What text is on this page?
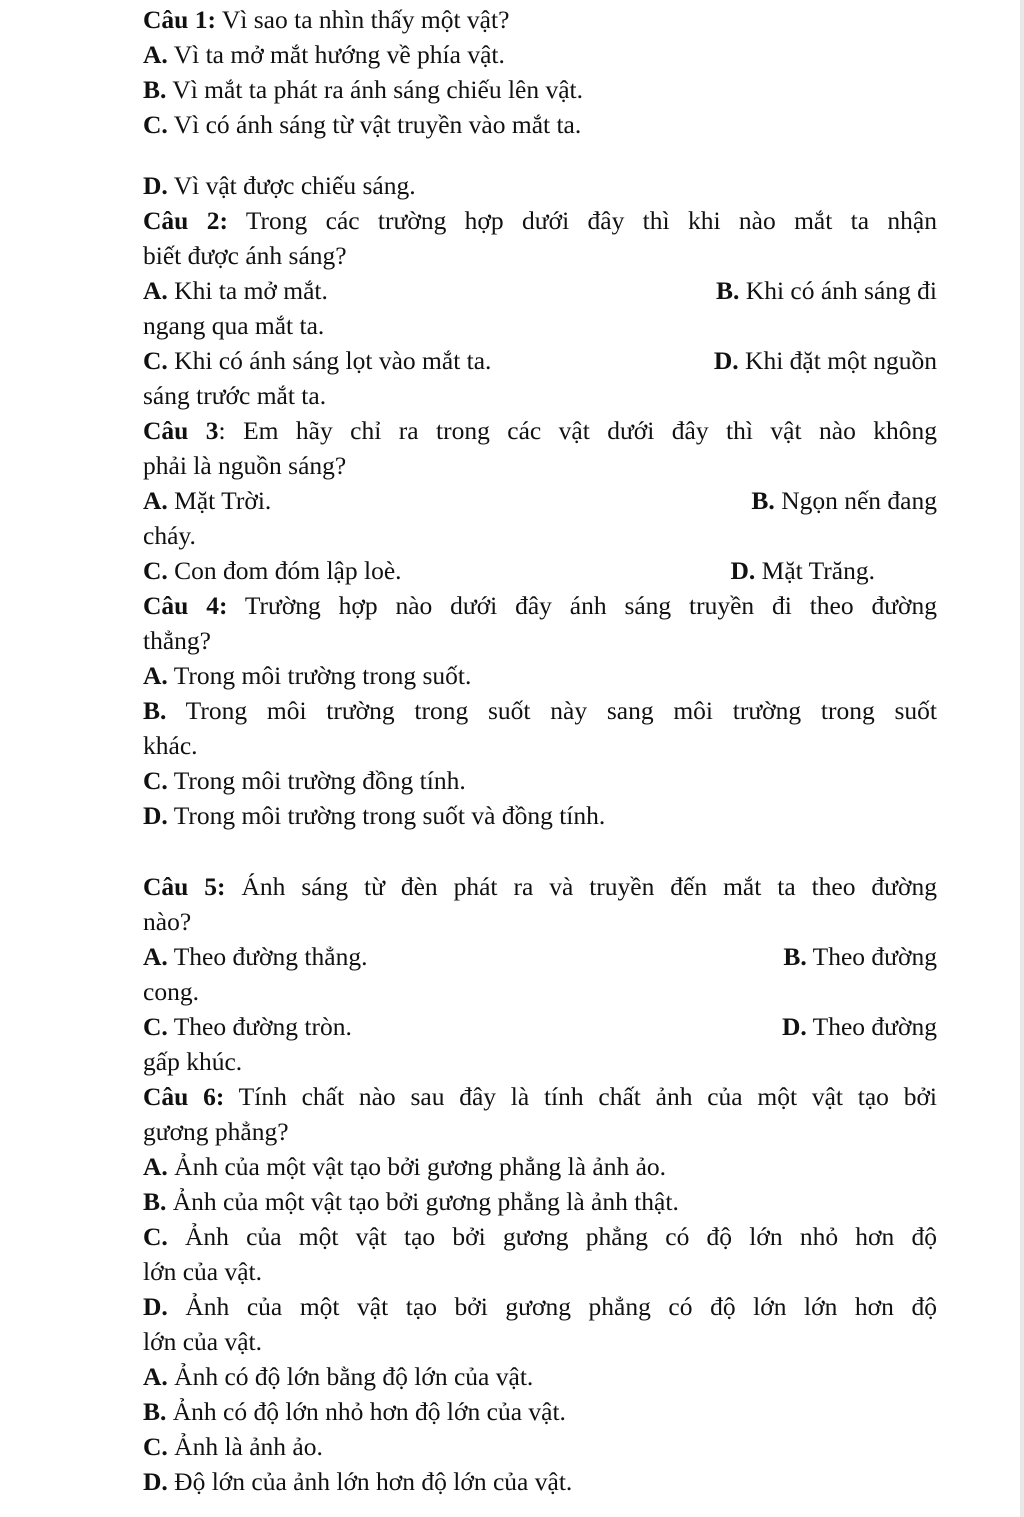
Câu 1: Vì sao ta nhìn thấy một vật?
A. Vì ta mở mắt hướng về phía vật.
B. Vì mắt ta phát ra ánh sáng chiếu lên vật.
C. Vì có ánh sáng từ vật truyền vào mắt ta.
D. Vì vật được chiếu sáng.
Câu 2: Trong các trường hợp dưới đây thì khi nào mắt ta nhận
biết được ánh sáng?
A. Khi ta mở mắt.	B. Khi có ánh sáng đi
ngang qua mắt ta.
C. Khi có ánh sáng lọt vào mắt ta.	D. Khi đặt một nguồn
sáng trước mắt ta.
Câu 3: Em hãy chỉ ra trong các vật dưới đây thì vật nào không
phải là nguồn sáng?
A. Mặt Trời.	B. Ngọn nến đang
cháy.
C. Con đom đóm lập loè.	D. Mặt Trăng.
Câu 4: Trường hợp nào dưới đây ánh sáng truyền đi theo đường
thẳng?
A. Trong môi trường trong suốt.
B. Trong môi trường trong suốt này sang môi trường trong suốt
khác.
C. Trong môi trường đồng tính.
D. Trong môi trường trong suốt và đồng tính.
Câu 5: Ánh sáng từ đèn phát ra và truyền đến mắt ta theo đường
nào?
A. Theo đường thẳng.	B. Theo đường
cong.
C. Theo đường tròn.	D. Theo đường
gấp khúc.
Câu 6: Tính chất nào sau đây là tính chất ảnh của một vật tạo bởi
gương phẳng?
A. Ảnh của một vật tạo bởi gương phẳng là ảnh ảo.
B. Ảnh của một vật tạo bởi gương phẳng là ảnh thật.
C. Ảnh của một vật tạo bởi gương phẳng có độ lớn nhỏ hơn độ
lớn của vật.
D. Ảnh của một vật tạo bởi gương phẳng có độ lớn lớn hơn độ
lớn của vật.
A. Ảnh có độ lớn bằng độ lớn của vật.
B. Ảnh có độ lớn nhỏ hơn độ lớn của vật.
C. Ảnh là ảnh ảo.
D. Độ lớn của ảnh lớn hơn độ lớn của vật.
